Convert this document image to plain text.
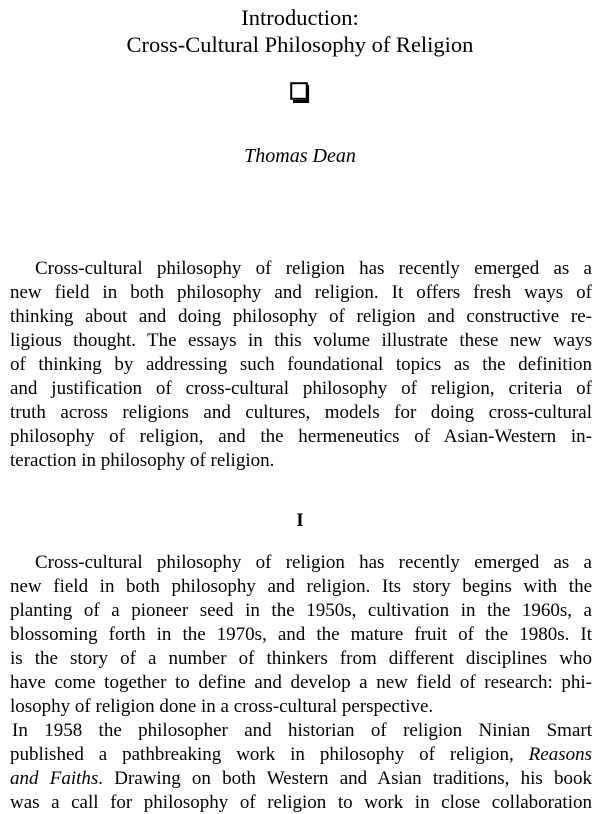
Introduction:
Cross-Cultural Philosophy of Religion
Thomas Dean
Cross-cultural philosophy of religion has recently emerged as a
new field in both philosophy and religion. It offers fresh ways of
thinking about and doing philosophy of religion and constructive re-
ligious thought. The essays in this volume illustrate these new ways
of thinking by addressing such foundational topics as the definition
and justification of cross-cultural philosophy of religion, criteria of
truth across religions and cultures, models for doing cross-cultural
philosophy of religion, and the hermeneutics of Asian-Western in-
teraction in philosophy of religion.
I
Cross-cultural philosophy of religion has recently emerged as a
new field in both philosophy and religion. Its story begins with the
planting of a pioneer seed in the 1950s, cultivation in the 1960s, a
blossoming forth in the 1970s, and the mature fruit of the 1980s. It
is the story of a number of thinkers from different disciplines who
have come together to define and develop a new field of research: phi-
losophy of religion done in a cross-cultural perspective.
In 1958 the philosopher and historian of religion Ninian Smart
published a pathbreaking work in philosophy of religion, Reasons
and Faiths. Drawing on both Western and Asian traditions, his book
was a call for philosophy of religion to work in close collaboration
